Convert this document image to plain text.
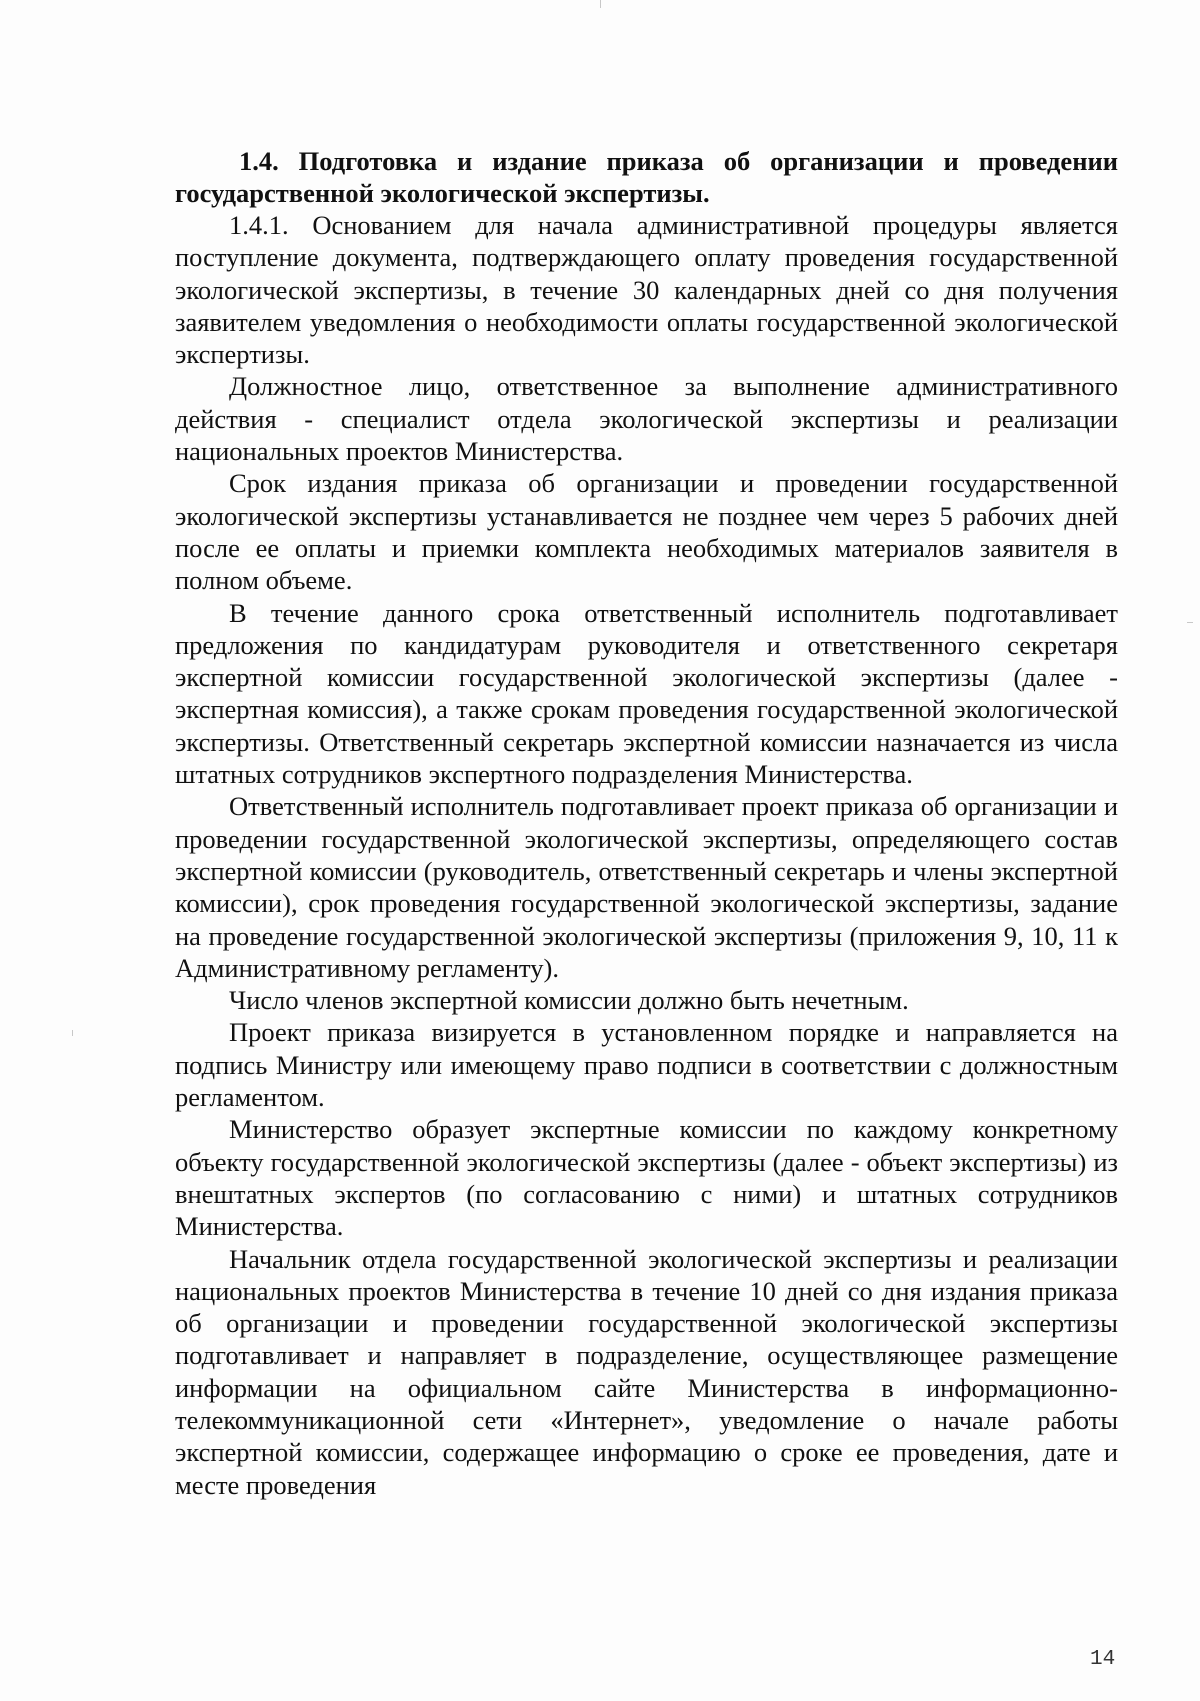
1.4. Подготовка и издание приказа об организации и проведении государственной экологической экспертизы.

1.4.1. Основанием для начала административной процедуры является поступление документа, подтверждающего оплату проведения государственной экологической экспертизы, в течение 30 календарных дней со дня получения заявителем уведомления о необходимости оплаты государственной экологической экспертизы.

Должностное лицо, ответственное за выполнение административного действия - специалист отдела экологической экспертизы и реализации национальных проектов Министерства.

Срок издания приказа об организации и проведении государственной экологической экспертизы устанавливается не позднее чем через 5 рабочих дней после ее оплаты и приемки комплекта необходимых материалов заявителя в полном объеме.

В течение данного срока ответственный исполнитель подготавливает предложения по кандидатурам руководителя и ответственного секретаря экспертной комиссии государственной экологической экспертизы (далее - экспертная комиссия), а также срокам проведения государственной экологической экспертизы. Ответственный секретарь экспертной комиссии назначается из числа штатных сотрудников экспертного подразделения Министерства.

Ответственный исполнитель подготавливает проект приказа об организации и проведении государственной экологической экспертизы, определяющего состав экспертной комиссии (руководитель, ответственный секретарь и члены экспертной комиссии), срок проведения государственной экологической экспертизы, задание на проведение государственной экологической экспертизы (приложения 9, 10, 11 к Административному регламенту).

Число членов экспертной комиссии должно быть нечетным.

Проект приказа визируется в установленном порядке и направляется на подпись Министру или имеющему право подписи в соответствии с должностным регламентом.

Министерство образует экспертные комиссии по каждому конкретному объекту государственной экологической экспертизы (далее - объект экспертизы) из внештатных экспертов (по согласованию с ними) и штатных сотрудников Министерства.

Начальник отдела государственной экологической экспертизы и реализации национальных проектов Министерства в течение 10 дней со дня издания приказа об организации и проведении государственной экологической экспертизы подготавливает и направляет в подразделение, осуществляющее размещение информации на официальном сайте Министерства в информационно-телекоммуникационной сети «Интернет», уведомление о начале работы экспертной комиссии, содержащее информацию о сроке ее проведения, дате и месте проведения

14
